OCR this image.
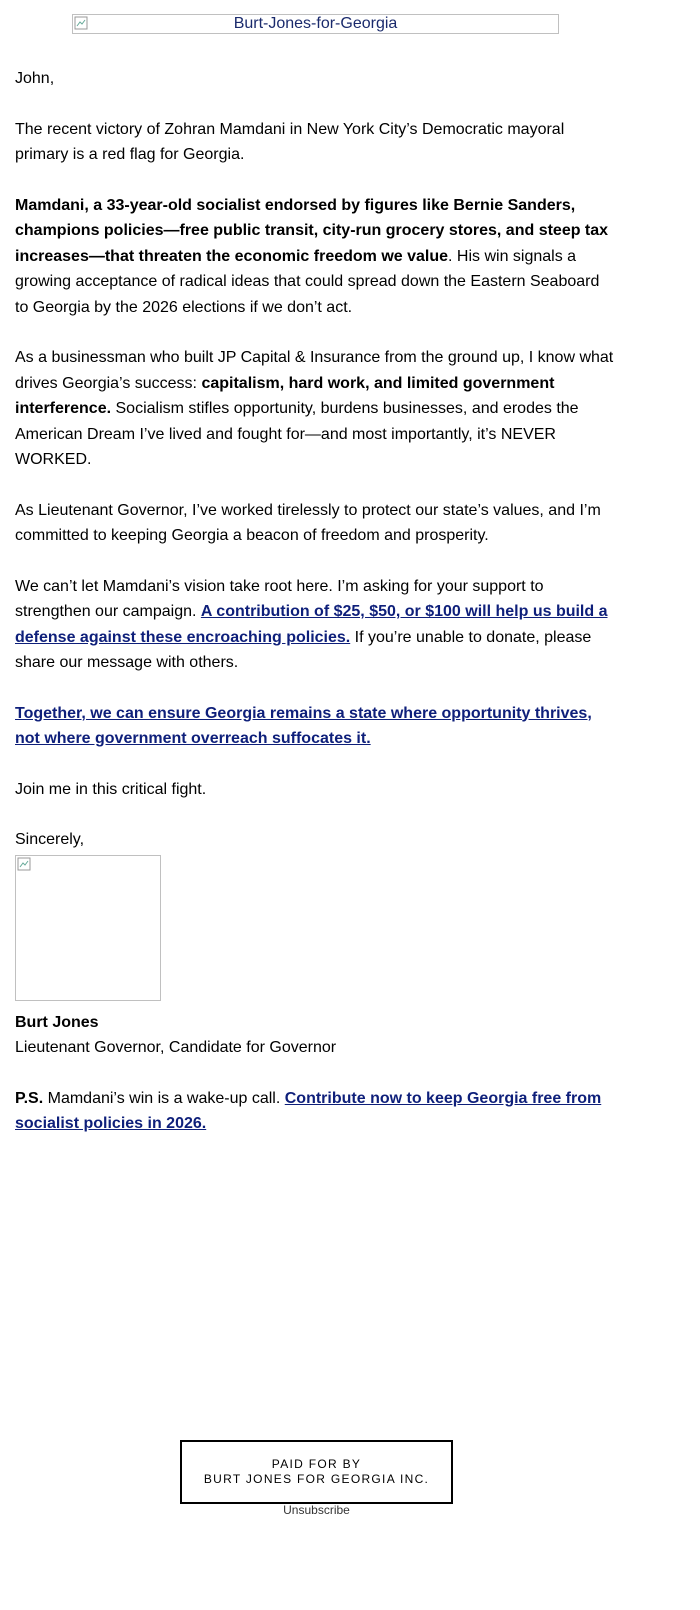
Burt-Jones-for-Georgia

John,

The recent victory of Zohran Mamdani in New York City’s Democratic mayoral primary is a red flag for Georgia.

Mamdani, a 33-year-old socialist endorsed by figures like Bernie Sanders, champions policies—free public transit, city-run grocery stores, and steep tax increases—that threaten the economic freedom we value. His win signals a growing acceptance of radical ideas that could spread down the Eastern Seaboard to Georgia by the 2026 elections if we don’t act.

As a businessman who built JP Capital & Insurance from the ground up, I know what drives Georgia’s success: capitalism, hard work, and limited government interference. Socialism stifles opportunity, burdens businesses, and erodes the American Dream I’ve lived and fought for—and most importantly, it’s NEVER WORKED.

As Lieutenant Governor, I’ve worked tirelessly to protect our state’s values, and I’m committed to keeping Georgia a beacon of freedom and prosperity.

We can’t let Mamdani’s vision take root here. I’m asking for your support to strengthen our campaign. A contribution of $25, $50, or $100 will help us build a defense against these encroaching policies. If you’re unable to donate, please share our message with others.

Together, we can ensure Georgia remains a state where opportunity thrives, not where government overreach suffocates it.

Join me in this critical fight.

Sincerely,

Burt Jones
Lieutenant Governor, Candidate for Governor

P.S. Mamdani’s win is a wake-up call. Contribute now to keep Georgia free from socialist policies in 2026.

PAID FOR BY
BURT JONES FOR GEORGIA INC.
Unsubscribe
